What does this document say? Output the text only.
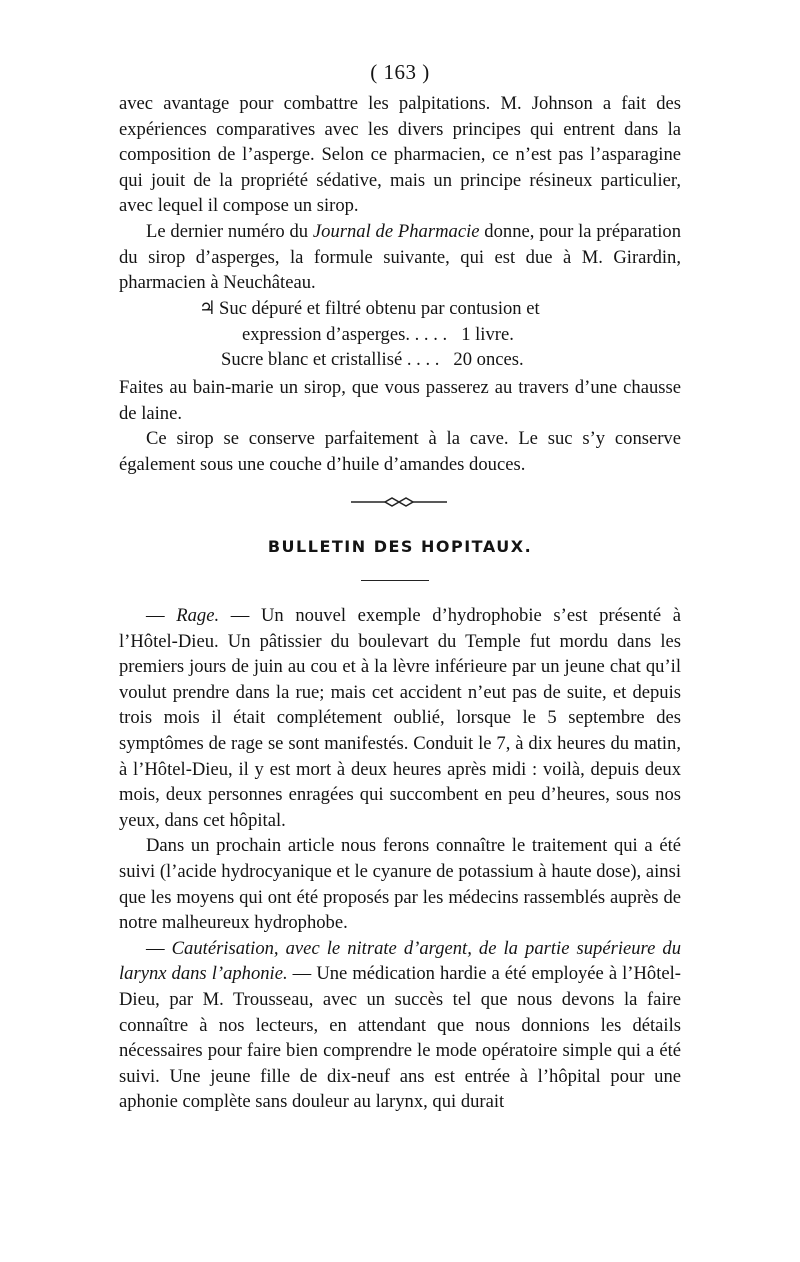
( 163 )

avec avantage pour combattre les palpitations. M. Johnson a fait des expériences comparatives avec les divers principes qui entrent dans la composition de l’asperge. Selon ce pharmacien, ce n’est pas l’asparagine qui jouit de la propriété sédative, mais un principe résineux particulier, avec lequel il compose un sirop.

Le dernier numéro du Journal de Pharmacie donne, pour la préparation du sirop d’asperges, la formule suivante, qui est due à M. Girardin, pharmacien à Neuchâteau.

♃ Suc dépuré et filtré obtenu par contusion et
expression d’asperges. . . . . 1 livre.
Sucre blanc et cristallisé . . . . 20 onces.

Faites au bain-marie un sirop, que vous passerez au travers d’une chausse de laine.

Ce sirop se conserve parfaitement à la cave. Le suc s’y conserve également sous une couche d’huile d’amandes douces.

BULLETIN DES HOPITAUX.

— Rage. — Un nouvel exemple d’hydrophobie s’est présenté à l’Hôtel-Dieu. Un pâtissier du boulevart du Temple fut mordu dans les premiers jours de juin au cou et à la lèvre inférieure par un jeune chat qu’il voulut prendre dans la rue; mais cet accident n’eut pas de suite, et depuis trois mois il était complétement oublié, lorsque le 5 septembre des symptômes de rage se sont manifestés. Conduit le 7, à dix heures du matin, à l’Hôtel-Dieu, il y est mort à deux heures après midi : voilà, depuis deux mois, deux personnes enragées qui succombent en peu d’heures, sous nos yeux, dans cet hôpital.

Dans un prochain article nous ferons connaître le traitement qui a été suivi (l’acide hydrocyanique et le cyanure de potassium à haute dose), ainsi que les moyens qui ont été proposés par les médecins rassemblés auprès de notre malheureux hydrophobe.

— Cautérisation, avec le nitrate d’argent, de la partie supérieure du larynx dans l’aphonie. — Une médication hardie a été employée à l’Hôtel-Dieu, par M. Trousseau, avec un succès tel que nous devons la faire connaître à nos lecteurs, en attendant que nous donnions les détails nécessaires pour faire bien comprendre le mode opératoire simple qui a été suivi. Une jeune fille de dix-neuf ans est entrée à l’hôpital pour une aphonie complète sans douleur au larynx, qui durait
